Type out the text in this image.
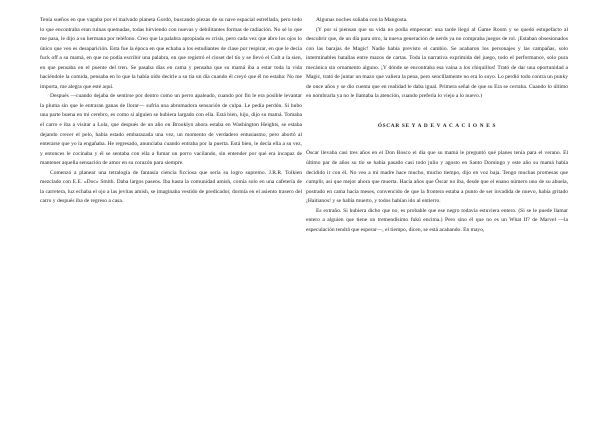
Tenía sueños en que vagaba por el malvado planeta Gordo, buscando piezas de su nave espacial estrellada, pero todo lo que encontraba eran ruinas quemadas, todas hirviendo con nuevas y debilitantes formas de radiación. No sé lo que me pasa, le dijo a su hermana por teléfono. Creo que la palabra apropiada es crisis, pero cada vez que abro los ojos lo único que veo es desaparición. Esta fue la época en que echaba a los estudiantes de clase por respirar, en que le decía fuck off a su mamá, en que no podía escribir una palabra, en que registró el closet del tío y se llevó el Colt a la sien, en que pensaba en el puente del tren. Se pasaba días en cama y pensaba que su mamá iba a estar toda la vida haciéndole la comida, pensaba en lo que la había oído decirle a su tía un día cuando él creyó que él no estaba: No me importa, me alegra que esté aquí.

Después —cuando dejaba de sentirse por dentro como un perro apaleado, cuando por fin le era posible levantar la pluma sin que le entraran ganas de llorar— sufría una abrumadora sensación de culpa. Le pedía perdón. Si hubo una parte buena en mi cerebro, es como si alguien se hubiera largado con ella. Está bien, hijo, dijo su mamá. Tomaba el carro e iba a visitar a Lola, que después de un año en Brooklyn ahora estaba en Washington Heights, se estaba dejando crecer el pelo, había estado embarazada una vez, un momento de verdadero entusiasmo, pero abortó al enterarse que yo la engañaba. He regresado, anunciaba cuando entraba por la puerta. Está bien, le decía ella a su vez, y entonces le cocinaba y él se sentaba con ella a fumar un porro vacilando, sin entender por qué era incapaz de mantener aquella sensación de amor en su corazón para siempre.

Comenzó a planear una tetralogía de fantasía ciencia ficciosa que sería su logro supremo. J.R.R. Tolkien mezclado con E.E. «Doc» Smith. Daba largos paseos. Iba hasta la comunidad amish, comía solo en una cafetería de la carretera, luz echaba el ojo a las jevitas amish, se imaginaba vestido de predicador, dormía en el asiento trasero del carro y después iba de regreso a casa.

Algunas noches soñaba con la Mangosta.

(Y por si piensan que su vida no podía empeorar: una tarde llegó al Game Room y se quedó estupefacto al descubrir que, de un día para otro, la nueva generación de nerds ya no compraba juegos de rol. ¡Estaban obsesionados con las barajas de Magic! Nadie había previsto el cambio. Se acabaron los personajes y las campañas, solo interminables batallas entre mazos de cartas. Toda la narrativa exprimida del juego, todo el performance, solo pura mecánica sin ornamento alguno. ¡Y dónde se encontraba esa vaina a los chiquillos! Trató de dar una oportunidad a Magic, trató de juntar un mazo que valiera la pena, pero sencillamente no era lo suyo. Lo perdió todo contra un punky de once años y se dio cuenta que en realidad le daba igual. Primera señal de que su Era se cerraba. Cuando lo último en nombrarla ya no le llamaba la atención, cuando prefería lo viejo a lo nuevo.)

ÓSCAR SE Y A D E V A C A C I O N E S

Óscar llevaba casi tres años en el Don Bosco el día que su mamá le preguntó qué planes tenía para el verano. El último par de años su tío se había pasado casi todo julio y agosto en Santo Domingo y este año su mamá había decidido ir con él. No veo a mi madre hace mucho, mucho tiempo, dijo en voz baja. Tengo muchas promesas que cumplir, así que mejor ahora que muerta. Hacía años que Óscar no iba, desde que el enano número uno de su abuela, postrado en cama hacía meses, convencido de que la frontera estaba a punto de ser invadida de nuevo, había gritado ¡Haitianos! y se había muerto, y todos habían ido al entierro.

Es extraño. Si hubiera dicho que no, es probable que ese negro todavía estuviera entero. (Si se le puede llamar entero a alguien que tiene un tremendísimo fukú encima.) Pero sino él que no es un What If? de Marvel —la especulación tendrá que esperar—, el tiempo, dicen, se está acabando. En mayo,
